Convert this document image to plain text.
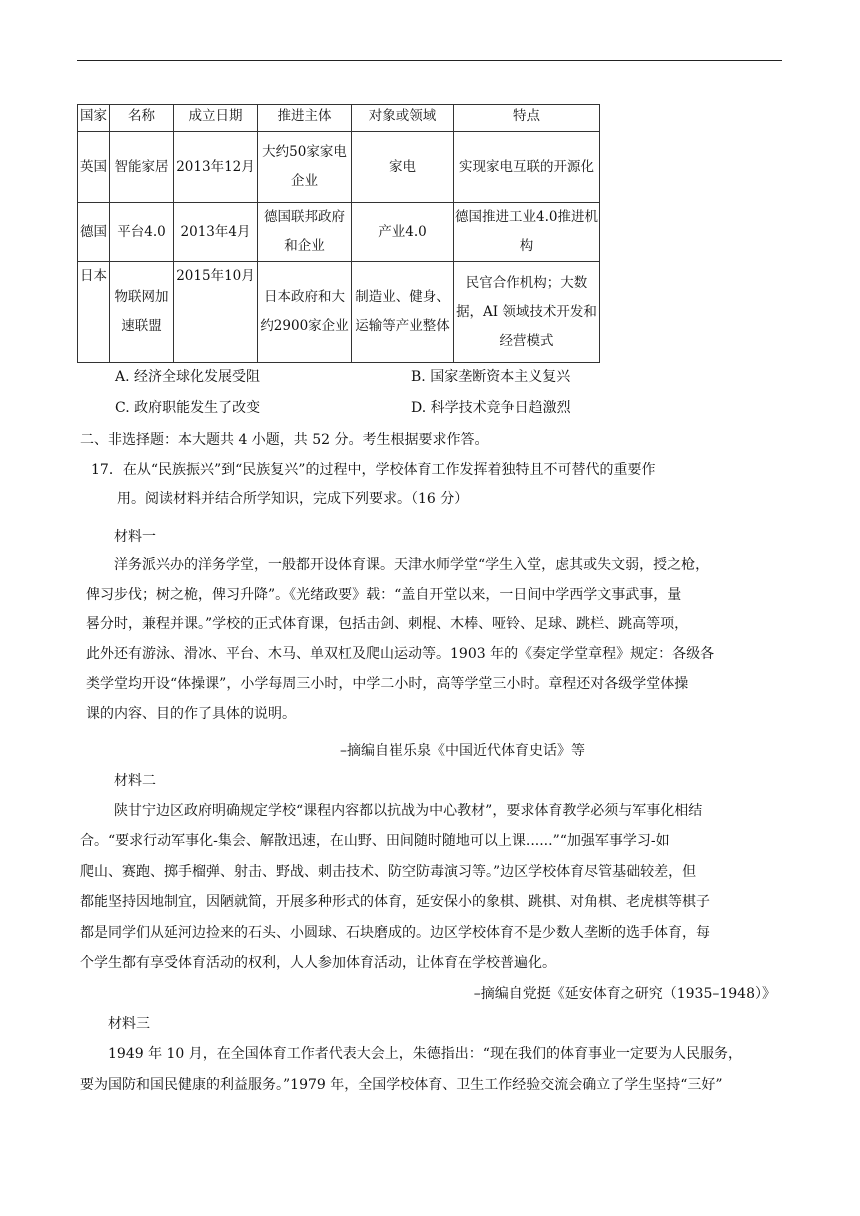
国家	名称	成立日期	推进主体	对象或领域	特点
英国	智能家居	2013年12月	大约50家家电企业	家电	实现家电互联的开源化
德国	平台4.0	2013年4月	德国联邦政府和企业	产业4.0	德国推进工业4.0推进机构
日本	物联网加速联盟	2015年10月	日本政府和大约2900家企业	制造业、健身、运输等产业整体	民官合作机构；大数据，AI 领域技术开发和经营模式
A. 经济全球化发展受阻	B. 国家垄断资本主义复兴
C. 政府职能发生了改变	D. 科学技术竞争日趋激烈
二、非选择题：本大题共 4 小题，共 52 分。考生根据要求作答。
17．在从“民族振兴”到“民族复兴”的过程中，学校体育工作发挥着独特且不可替代的重要作
用。阅读材料并结合所学知识，完成下列要求。（16 分）
材料一
洋务派兴办的洋务学堂，一般都开设体育课。天津水师学堂“学生入堂，虑其或失文弱，授之枪，
俾习步伐；树之桅，俾习升降”。《光绪政要》载：“盖自开堂以来，一日间中学西学文事武事，量
晷分时，兼程并课。”学校的正式体育课，包括击剑、刺棍、木棒、哑铃、足球、跳栏、跳高等项，
此外还有游泳、滑冰、平台、木马、单双杠及爬山运动等。1903 年的《奏定学堂章程》规定：各级各
类学堂均开设“体操课”，小学每周三小时，中学二小时，高等学堂三小时。章程还对各级学堂体操
课的内容、目的作了具体的说明。
–摘编自崔乐泉《中国近代体育史话》等
材料二
陕甘宁边区政府明确规定学校“课程内容都以抗战为中心教材”，要求体育教学必须与军事化相结
合。“要求行动军事化-集会、解散迅速，在山野、田间随时随地可以上课......”“加强军事学习-如
爬山、赛跑、掷手榴弹、射击、野战、刺击技术、防空防毒演习等。”边区学校体育尽管基础较差，但
都能坚持因地制宜，因陋就简，开展多种形式的体育，延安保小的象棋、跳棋、对角棋、老虎棋等棋子
都是同学们从延河边捡来的石头、小圆球、石块磨成的。边区学校体育不是少数人垄断的选手体育，每
个学生都有享受体育活动的权利，人人参加体育活动，让体育在学校普遍化。
–摘编自党挺《延安体育之研究（1935–1948）》
材料三
1949 年 10 月，在全国体育工作者代表大会上，朱德指出：“现在我们的体育事业一定要为人民服务，
要为国防和国民健康的利益服务。”1979 年，全国学校体育、卫生工作经验交流会确立了学生坚持“三好”
